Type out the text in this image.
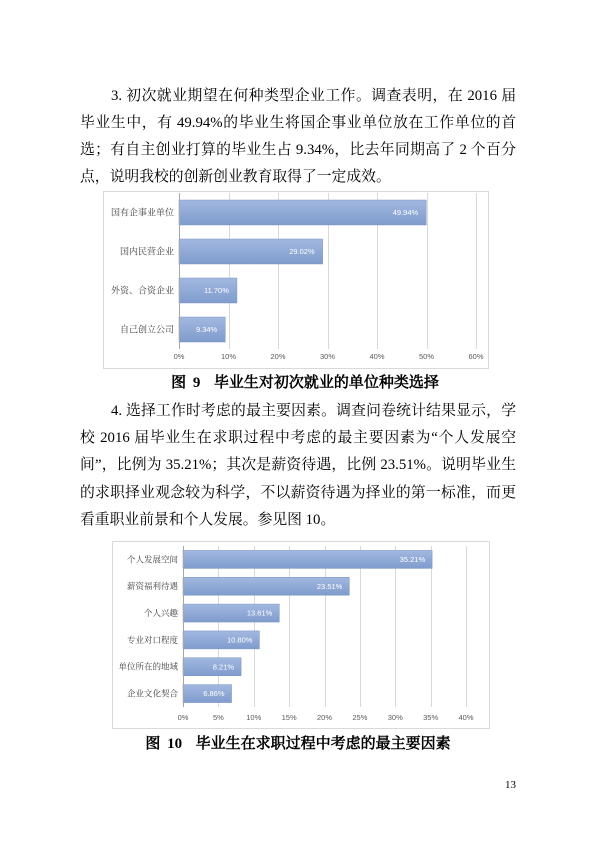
3. 初次就业期望在何种类型企业工作。调查表明，在 2016 届
毕业生中，有 49.94%的毕业生将国企事业单位放在工作单位的首
选；有自主创业打算的毕业生占 9.34%，比去年同期高了 2 个百分
点，说明我校的创新创业教育取得了一定成效。
0%	10%	20%	30%	40%	50%	60%
49.94%
国有企事业单位
29.02%
国内民营企业
11.70%
外资、合资企业
9.34%
自己创立公司
图 9  毕业生对初次就业的单位种类选择
4. 选择工作时考虑的最主要因素。调查问卷统计结果显示，学
校 2016 届毕业生在求职过程中考虑的最主要因素为“个人发展空
间”，比例为 35.21%；其次是薪资待遇，比例 23.51%。说明毕业生
的求职择业观念较为科学，不以薪资待遇为择业的第一标准，而更
看重职业前景和个人发展。参见图 10。
0%	5%	10%	15%	20%	25%	30%	35%	40%
35.21%
个人发展空间
23.51%
薪资福利待遇
13.61%
个人兴趣
10.80%
专业对口程度
8.21%
单位所在的地域
6.86%
企业文化契合
图 10  毕业生在求职过程中考虑的最主要因素
13
